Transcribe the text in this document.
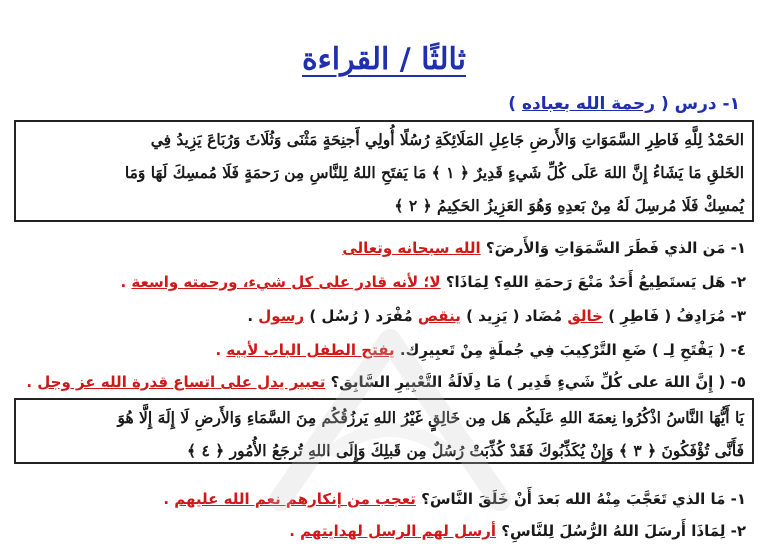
ثالثًا / القراءة
١- درس ( رحمة الله بعباده )
الحَمْدُ لِلَّهِ فَاطِرِ السَّمَوَاتِ وَالأَرضِ جَاعِلِ المَلَائِكَةِ رُسُلًا أُولِي أَجنِحَةٍ مَثْنَى وَثُلَاثَ وَرُبَاعَ يَزِيدُ فِي
الخَلقِ مَا يَشَاءُ إِنَّ اللهَ عَلَى كُلِّ شَيءٍ قَدِيرٌ ﴿ ١ ﴾ مَا يَفتَحِ اللهُ لِلنَّاسِ مِن رَحمَةٍ فَلَا مُمسِكَ لَهَا وَمَا
يُمسِكْ فَلَا مُرسِلَ لَهُ مِنْ بَعدِهِ وَهُوَ العَزِيزُ الحَكِيمُ ﴿ ٢ ﴾
١- مَن الذي فَطَرَ السَّمَوَاتِ وَالأَرضَ؟ الله سبحانه وتعالى
٢- هَل يَستَطِيعُ أَحَدٌ مَنْعَ رَحمَةِ اللهِ؟ لِمَاذَا؟ لا؛ لأنه قادر على كل شيء، ورحمته واسعة .
٣- مُرَادِفُ ( فَاطِرِ ) خالق مُضَاد ( يَزِيد ) ينقص مُفْرَد ( رُسُل ) رسول .
٤- ( يَفْتَحِ لِـ ) ضَعِ التَّرْكِيبَ فِي جُملَةٍ مِنْ تَعبِيرِك. يفتح الطفل الباب لأبيه .
٥- ( إِنَّ اللهَ على كُلِّ شَيءٍ قَدِير ) مَا دِلَالَةُ التَّعْبِيرِ السَّابِق؟ تعبير يدل على اتساع قدرة الله عز وجل .
يَا أَيُّهَا النَّاسُ اذْكُرُوا نِعمَةَ اللهِ عَلَيكُم هَل مِن خَالِقٍ غَيْرُ اللهِ يَرزُقُكُم مِنَ السَّمَاءِ وَالأَرضِ لَا إِلَهَ إِلَّا هُوَ
فَأَنَّى تُؤْفَكُونَ ﴿ ٣ ﴾ وَإِنْ يُكَذِّبُوكَ فَقَدْ كُذِّبَتْ رُسُلٌ مِن قَبلِكَ وَإِلَى اللهِ تُرجَعُ الأُمُور ﴿ ٤ ﴾
١- مَا الذي تَعَجَّبَ مِنْهُ الله بَعدَ أَنْ خَلَقَ النَّاسَ؟ تعجب من إنكارهم نعم الله عليهم .
٢- لِمَاذَا أَرسَلَ اللهُ الرُّسُلَ لِلنَّاسِ؟ أرسل لهم الرسل لهدايتهم .
